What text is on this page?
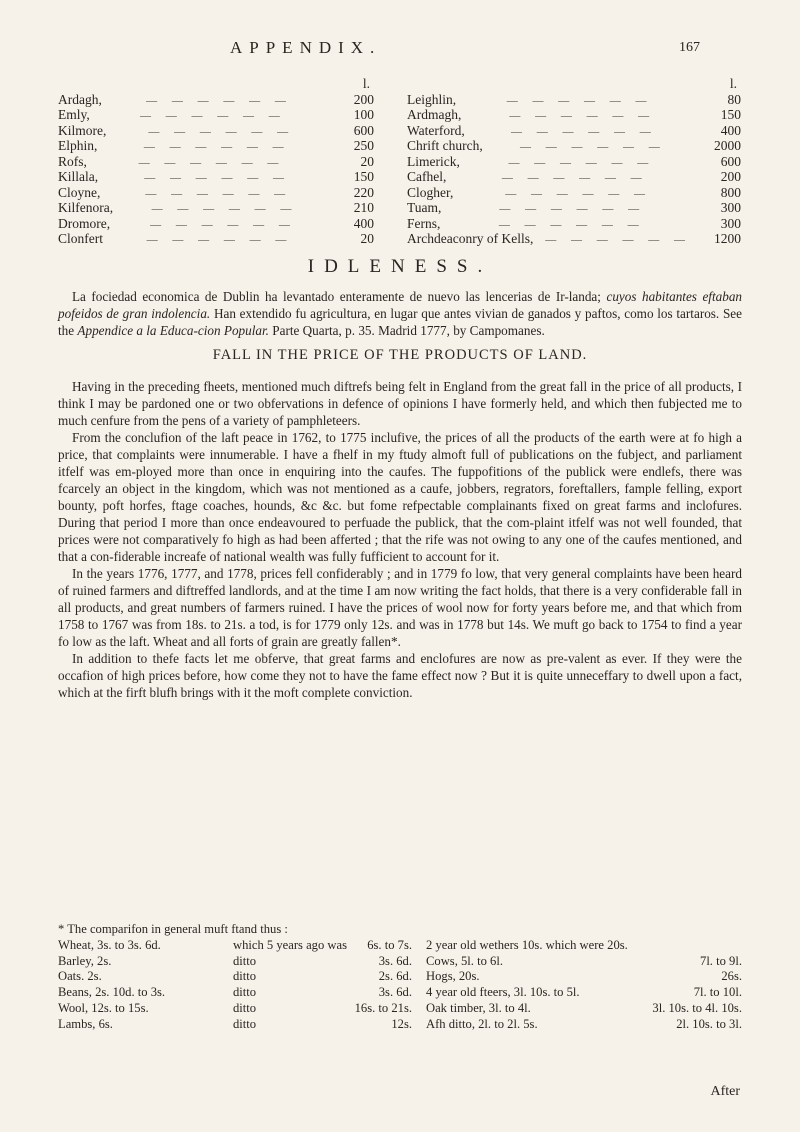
APPENDIX.	167
l.
Ardagh,	— — — — — —	200
Emly,	— — — — — —	100
Kilmore,	— — — — — —	600
Elphin,	— — — — — —	250
Rofs,	— — — — — —	20
Killala,	— — — — — —	150
Cloyne,	— — — — — —	220
Kilfenora,	— — — — — —	210
Dromore,	— — — — — —	400
Clonfert	— — — — — —	20
l.
Leighlin,	— — — — — —	80
Ardmagh,	— — — — — —	150
Waterford,	— — — — — —	400
Chrift church,	— — — — — —	2000
Limerick,	— — — — — —	600
Cafhel,	— — — — — —	200
Clogher,	— — — — — —	800
Tuam,	— — — — — —	300
Ferns,	— — — — — —	300
Archdeaconry of Kells,	— — — — — —	1200
IDLENESS.

La fociedad economica de Dublin ha levantado enteramente de nuevo las lencerias de Ir-landa; cuyos habitantes eftaban pofeidos de gran indolencia. Han extendido fu agricultura, en lugar que antes vivian de ganados y paftos, como los tartaros. See the Appendice a la Educa-cion Popular. Parte Quarta, p. 35. Madrid 1777, by Campomanes.

FALL IN THE PRICE OF THE PRODUCTS OF LAND.

Having in the preceding fheets, mentioned much diftrefs being felt in England from the great fall in the price of all products, I think I may be pardoned one or two obfervations in defence of opinions I have formerly held, and which then fubjected me to much cenfure from the pens of a variety of pamphleteers.

From the conclufion of the laft peace in 1762, to 1775 inclufive, the prices of all the products of the earth were at fo high a price, that complaints were innumerable. I have a fhelf in my ftudy almoft full of publications on the fubject, and parliament itfelf was em-ployed more than once in enquiring into the caufes. The fuppofitions of the publick were endlefs, there was fcarcely an object in the kingdom, which was not mentioned as a caufe, jobbers, regrators, foreftallers, fample felling, export bounty, poft horfes, ftage coaches, hounds, &c &c. but fome refpectable complainants fixed on great farms and inclofures. During that period I more than once endeavoured to perfuade the publick, that the com-plaint itfelf was not well founded, that prices were not comparatively fo high as had been afferted ; that the rife was not owing to any one of the caufes mentioned, and that a con-fiderable increafe of national wealth was fully fufficient to account for it.

In the years 1776, 1777, and 1778, prices fell confiderably ; and in 1779 fo low, that very general complaints have been heard of ruined farmers and diftreffed landlords, and at the time I am now writing the fact holds, that there is a very confiderable fall in all products, and great numbers of farmers ruined. I have the prices of wool now for forty years before me, and that which from 1758 to 1767 was from 18s. to 21s. a tod, is for 1779 only 12s. and was in 1778 but 14s. We muft go back to 1754 to find a year fo low as the laft. Wheat and all forts of grain are greatly fallen*.

In addition to thefe facts let me obferve, that great farms and enclofures are now as pre-valent as ever. If they were the occafion of high prices before, how come they not to have the fame effect now ? But it is quite unneceffary to dwell upon a fact, which at the firft blufh brings with it the moft complete conviction.

* The comparifon in general muft ftand thus :

Wheat, 3s. to 3s. 6d.	which 5 years ago was	6s. to 7s.
Barley, 2s.	ditto	3s. 6d.
Oats. 2s.	ditto	2s. 6d.
Beans, 2s. 10d. to 3s.	ditto	3s. 6d.
Wool, 12s. to 15s.	ditto	16s. to 21s.
Lambs, 6s.	ditto	12s.
2 year old wethers 10s. which were 20s.
Cows, 5l. to 6l.	7l. to 9l.
Hogs, 20s.	26s.
4 year old fteers, 3l. 10s. to 5l.	7l. to 10l.
Oak timber, 3l. to 4l.	3l. 10s. to 4l. 10s.
Afh ditto, 2l. to 2l. 5s.	2l. 10s. to 3l.
After
